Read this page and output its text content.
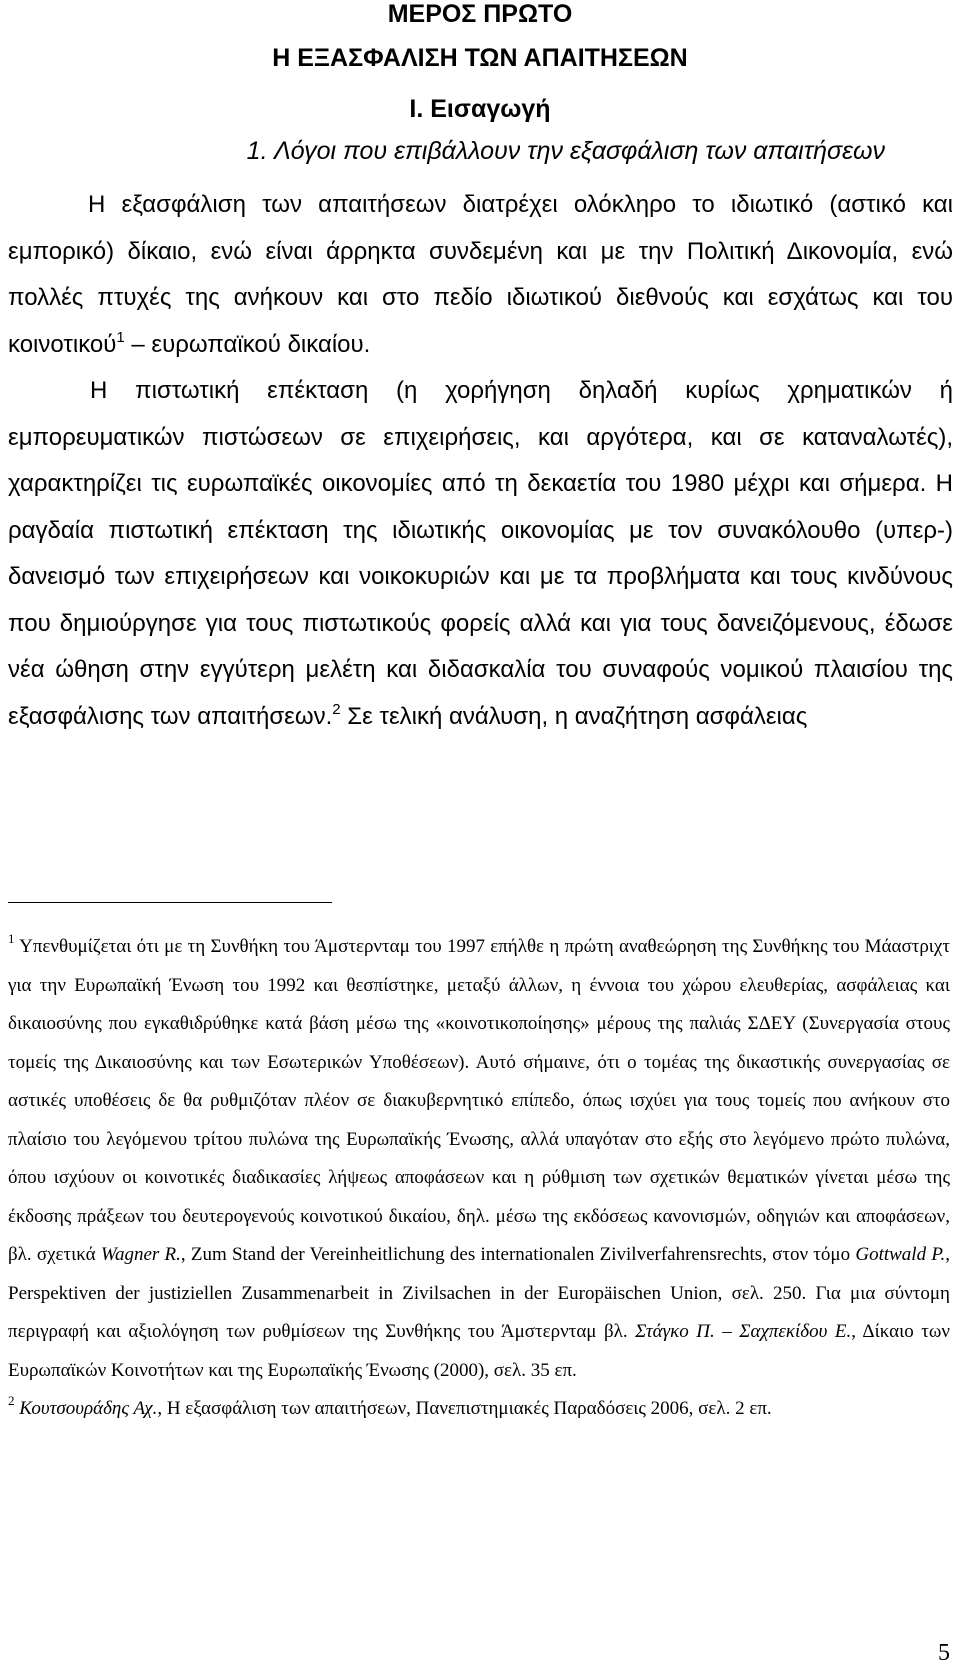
ΜΕΡΟΣ ΠΡΩΤΟ
Η ΕΞΑΣΦΑΛΙΣΗ ΤΩΝ ΑΠΑΙΤΗΣΕΩΝ
Ι. Εισαγωγή
1. Λόγοι που επιβάλλουν την εξασφάλιση των απαιτήσεων

Η εξασφάλιση των απαιτήσεων διατρέχει ολόκληρο το ιδιωτικό (αστικό και εμπορικό) δίκαιο, ενώ είναι άρρηκτα συνδεμένη και με την Πολιτική Δικονομία, ενώ πολλές πτυχές της ανήκουν και στο πεδίο ιδιωτικού διεθνούς και εσχάτως και του κοινοτικού$^1$ – ευρωπαϊκού δικαίου.

Η πιστωτική επέκταση (η χορήγηση δηλαδή κυρίως χρηματικών ή εμπορευματικών πιστώσεων σε επιχειρήσεις, και αργότερα, και σε καταναλωτές), χαρακτηρίζει τις ευρωπαϊκές οικονομίες από τη δεκαετία του 1980 μέχρι και σήμερα. Η ραγδαία πιστωτική επέκταση της ιδιωτικής οικονομίας με τον συνακόλουθο (υπερ-) δανεισμό των επιχειρήσεων και νοικοκυριών και με τα προβλήματα και τους κινδύνους που δημιούργησε για τους πιστωτικούς φορείς αλλά και για τους δανειζόμενους, έδωσε νέα ώθηση στην εγγύτερη μελέτη και διδασκαλία του συναφούς νομικού πλαισίου της εξασφάλισης των απαιτήσεων.$^2$ Σε τελική ανάλυση, η αναζήτηση ασφάλειας

$^1$ Υπενθυμίζεται ότι με τη Συνθήκη του Άμστερνταμ του 1997 επήλθε η πρώτη αναθεώρηση της Συνθήκης του Μάαστριχτ για την Ευρωπαϊκή Ένωση του 1992 και θεσπίστηκε, μεταξύ άλλων, η έννοια του χώρου ελευθερίας, ασφάλειας και δικαιοσύνης που εγκαθιδρύθηκε κατά βάση μέσω της «κοινοτικοποίησης» μέρους της παλιάς ΣΔΕΥ (Συνεργασία στους τομείς της Δικαιοσύνης και των Εσωτερικών Υποθέσεων). Αυτό σήμαινε, ότι ο τομέας της δικαστικής συνεργασίας σε αστικές υποθέσεις δε θα ρυθμιζόταν πλέον σε διακυβερνητικό επίπεδο, όπως ισχύει για τους τομείς που ανήκουν στο πλαίσιο του λεγόμενου τρίτου πυλώνα της Ευρωπαϊκής Ένωσης, αλλά υπαγόταν στο εξής στο λεγόμενο πρώτο πυλώνα, όπου ισχύουν οι κοινοτικές διαδικασίες λήψεως αποφάσεων και η ρύθμιση των σχετικών θεματικών γίνεται μέσω της έκδοσης πράξεων του δευτερογενούς κοινοτικού δικαίου, δηλ. μέσω της εκδόσεως κανονισμών, οδηγιών και αποφάσεων, βλ. σχετικά Wagner R., Zum Stand der Vereinheitlichung des internationalen Zivilverfahrensrechts, στον τόμο Gottwald P., Perspektiven der justiziellen Zusammenarbeit in Zivilsachen in der Europäischen Union, σελ. 250. Για μια σύντομη περιγραφή και αξιολόγηση των ρυθμίσεων της Συνθήκης του Άμστερνταμ βλ. Στάγκο Π. – Σαχπεκίδου Ε., Δίκαιο των Ευρωπαϊκών Κοινοτήτων και της Ευρωπαϊκής Ένωσης (2000), σελ. 35 επ.

$^2$ Κουτσουράδης Αχ., Η εξασφάλιση των απαιτήσεων, Πανεπιστημιακές Παραδόσεις 2006, σελ. 2 επ.

5
